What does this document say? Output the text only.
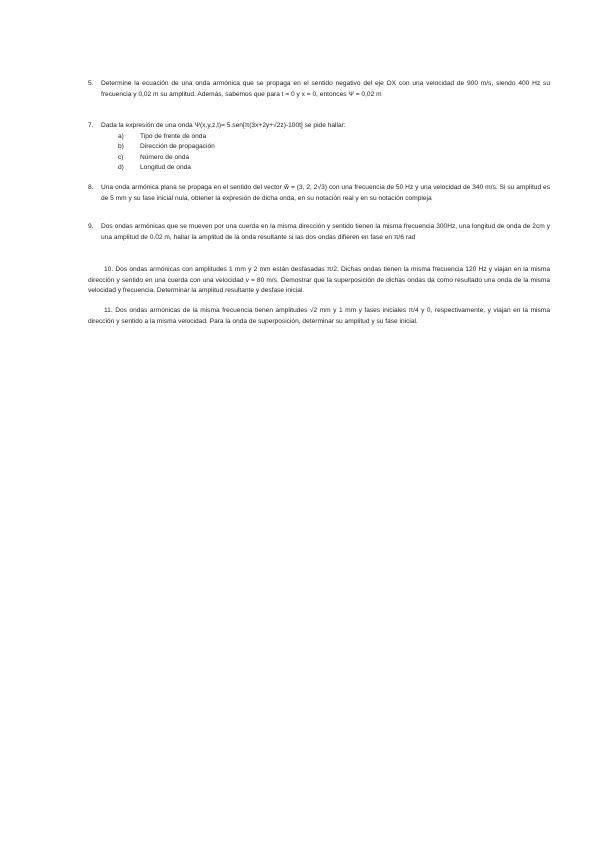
5. Determine la ecuación de una onda armónica que se propaga en el sentido negativo del eje OX con una velocidad de 900 m/s, siendo 400 Hz su frecuencia y 0,02 m su amplitud. Además, sabemos que para t = 0 y x = 0, entonces Ψ = 0,02 m
7. Dada la expresión de una onda Ψ(x,y,z,t)= 5 sen[π(3x+2y+√2z)-100t] se pide hallar:
a) Tipo de frente de onda
b) Dirección de propagación
c)	Número de onda
d) Longitud de onda
8. Una onda armónica plana se propaga en el sentido del vector w⃗ = (3, 2, 2√3) con una frecuencia de 50 Hz y una velocidad de 340 m/s. Si su amplitud es de 5 mm y su fase inicial nula, obtener la expresión de dicha onda, en su notación real y en su notación compleja
9. Dos ondas armónicas que se mueven por una cuerda en la misma dirección y sentido tienen la misma frecuencia 300Hz, una longitud de onda de 2cm y una amplitud de 0.02 m, hallar la amplitud de la onda resultante si las dos ondas difieren en fase en π/6 rad
10. Dos ondas armónicas con amplitudes 1 mm y 2 mm están desfasadas π/2. Dichas ondas tienen la misma frecuencia 120 Hz y viajan en la misma dirección y sentido en una cuerda con una velocidad v = 80 m/s. Demostrar que la superposición de dichas ondas da como resultado una onda de la misma velocidad y frecuencia. Determinar la amplitud resultante y desfase inicial.
11. Dos ondas armónicas de la misma frecuencia tienen amplitudes √2 mm y 1 mm y fases iniciales π/4 y 0, respectivamente, y viajan en la misma dirección y sentido a la misma velocidad. Para la onda de superposición, determinar su amplitud y su fase inicial.
